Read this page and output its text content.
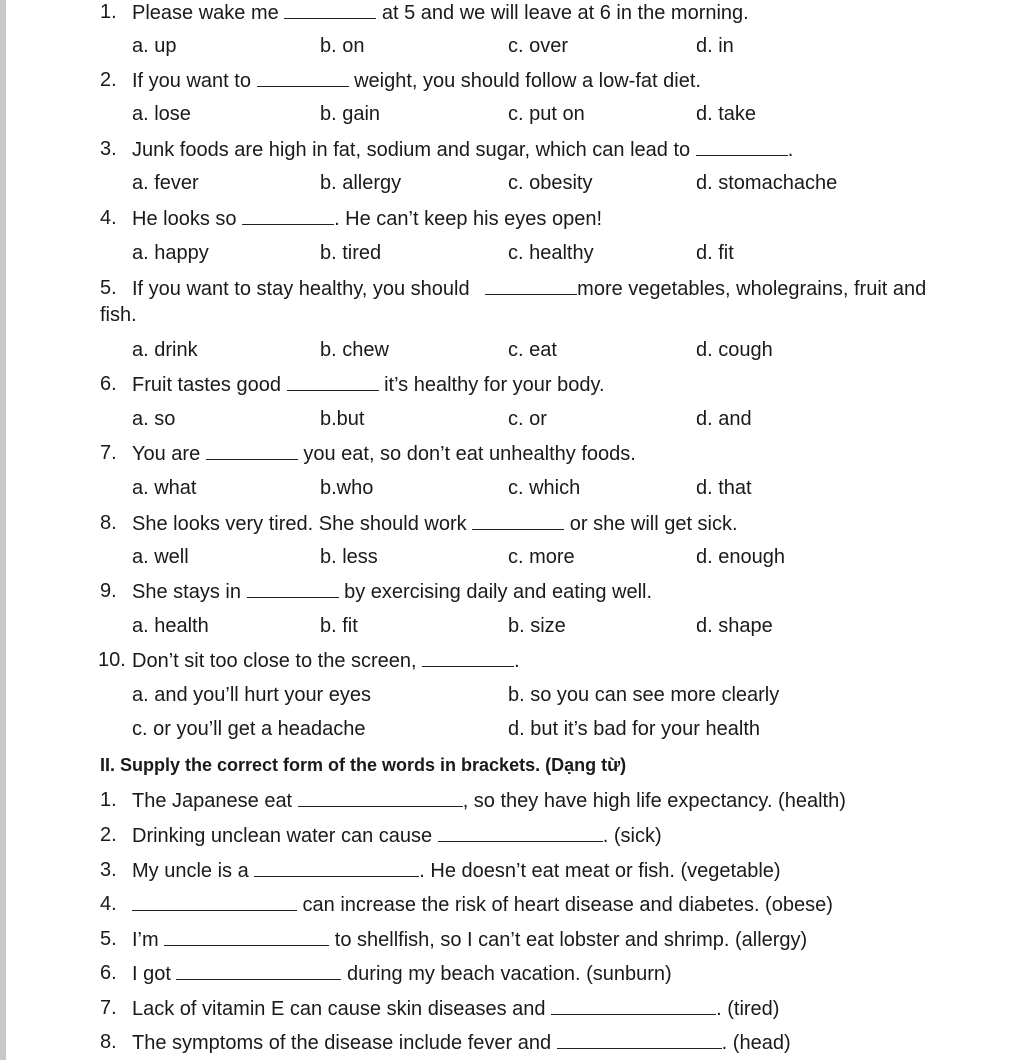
1. Please wake me	at 5 and we will leave at 6 in the morning.
a. up	b. on	c. over	d. in
2. If you want to	weight, you should follow a low-fat diet.
a. lose	b. gain	c. put on	d. take
3. Junk foods are high in fat, sodium and sugar, which can lead to	.
a. fever	b. allergy	c. obesity	d. stomachache
4. He looks so	. He can’t keep his eyes open!
a. happy	b. tired	c. healthy	d. fit
5. If you want to stay healthy, you should	more vegetables, wholegrains, fruit and
fish.
a. drink	b. chew	c. eat	d. cough
6. Fruit tastes good	it’s healthy for your body.
a. so	b.but	c. or	d. and
7. You are	you eat, so don’t eat unhealthy foods.
a. what	b.who	c. which	d. that
8. She looks very tired. She should work	or she will get sick.
a. well	b. less	c. more	d. enough
9. She stays in	by exercising daily and eating well.
a. health	b. fit	b. size	d. shape
10. Don’t sit too close to the screen,	.
a. and you’ll hurt your eyes	b. so you can see more clearly
c. or you’ll get a headache	d. but it’s bad for your health
II. Supply the correct form of the words in brackets. (Dạng từ)
1. The Japanese eat	, so they have high life expectancy. (health)
2. Drinking unclean water can cause	. (sick)
3. My uncle is a	. He doesn’t eat meat or fish. (vegetable)
4.	can increase the risk of heart disease and diabetes. (obese)
5. I’m	to shellfish, so I can’t eat lobster and shrimp. (allergy)
6. I got	during my beach vacation. (sunburn)
7. Lack of vitamin E can cause skin diseases and	. (tired)
8. The symptoms of the disease include fever and	. (head)
